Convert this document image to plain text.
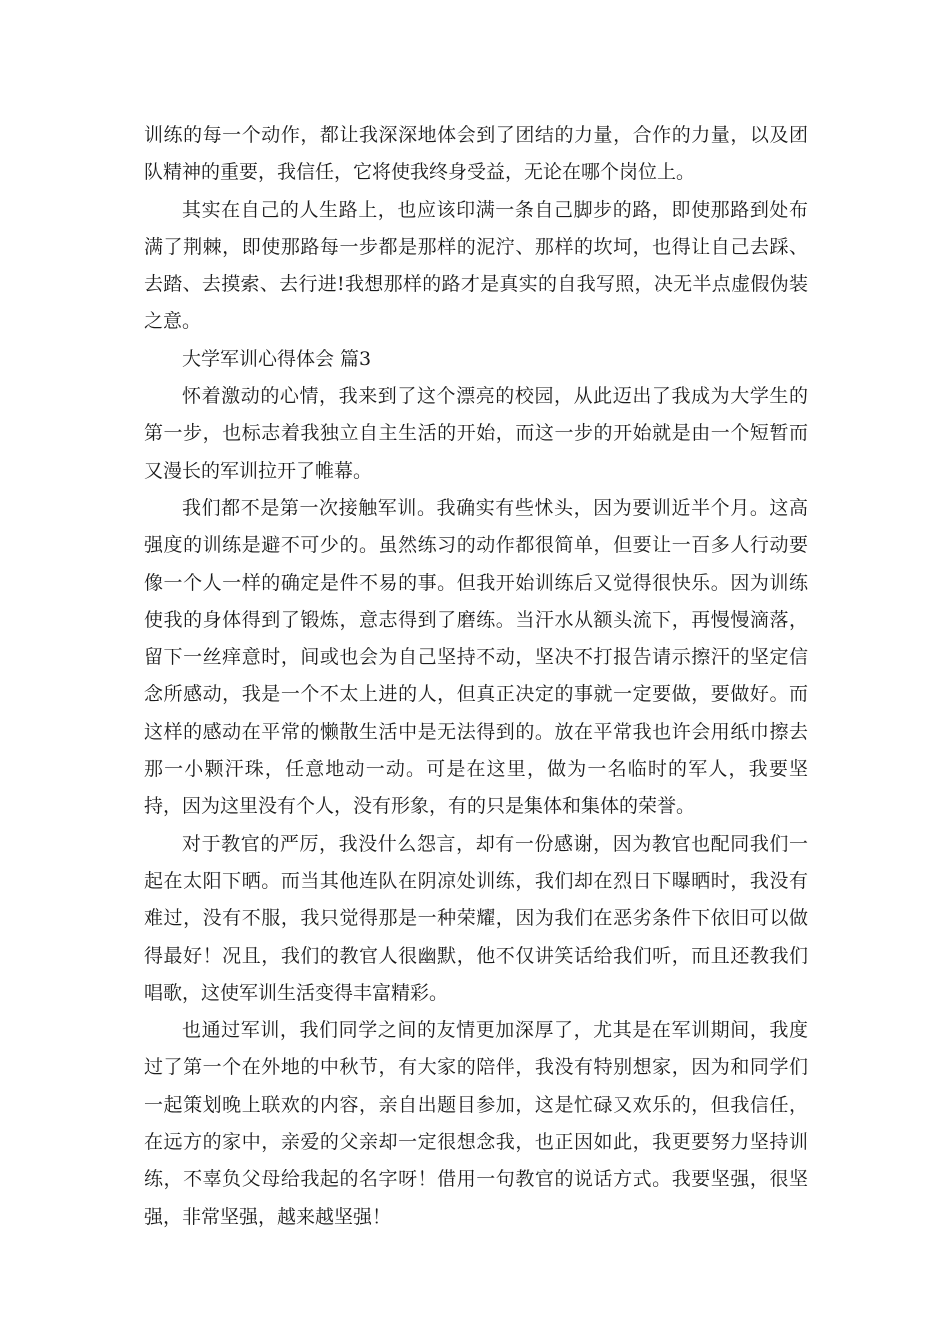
训练的每一个动作，都让我深深地体会到了团结的力量，合作的力量，以及团队精神的重要，我信任，它将使我终身受益，无论在哪个岗位上。

其实在自己的人生路上，也应该印满一条自己脚步的路，即使那路到处布满了荆棘，即使那路每一步都是那样的泥泞、那样的坎坷，也得让自己去踩、去踏、去摸索、去行进!我想那样的路才是真实的自我写照，决无半点虚假伪装之意。

大学军训心得体会 篇3

怀着激动的心情，我来到了这个漂亮的校园，从此迈出了我成为大学生的第一步，也标志着我独立自主生活的开始，而这一步的开始就是由一个短暂而又漫长的军训拉开了帷幕。

我们都不是第一次接触军训。我确实有些怵头，因为要训近半个月。这高强度的训练是避不可少的。虽然练习的动作都很简单，但要让一百多人行动要像一个人一样的确定是件不易的事。但我开始训练后又觉得很快乐。因为训练使我的身体得到了锻炼，意志得到了磨练。当汗水从额头流下，再慢慢滴落，留下一丝痒意时，间或也会为自己坚持不动，坚决不打报告请示擦汗的坚定信念所感动，我是一个不太上进的人，但真正决定的事就一定要做，要做好。而这样的感动在平常的懒散生活中是无法得到的。放在平常我也许会用纸巾擦去那一小颗汗珠，任意地动一动。可是在这里，做为一名临时的军人，我要坚持，因为这里没有个人，没有形象，有的只是集体和集体的荣誉。

对于教官的严厉，我没什么怨言，却有一份感谢，因为教官也配同我们一起在太阳下晒。而当其他连队在阴凉处训练，我们却在烈日下曝晒时，我没有难过，没有不服，我只觉得那是一种荣耀，因为我们在恶劣条件下依旧可以做得最好！况且，我们的教官人很幽默，他不仅讲笑话给我们听，而且还教我们唱歌，这使军训生活变得丰富精彩。

也通过军训，我们同学之间的友情更加深厚了，尤其是在军训期间，我度过了第一个在外地的中秋节，有大家的陪伴，我没有特别想家，因为和同学们一起策划晚上联欢的内容，亲自出题目参加，这是忙碌又欢乐的，但我信任，在远方的家中，亲爱的父亲却一定很想念我，也正因如此，我更要努力坚持训练，不辜负父母给我起的名字呀！借用一句教官的说话方式。我要坚强，很坚强，非常坚强，越来越坚强！
